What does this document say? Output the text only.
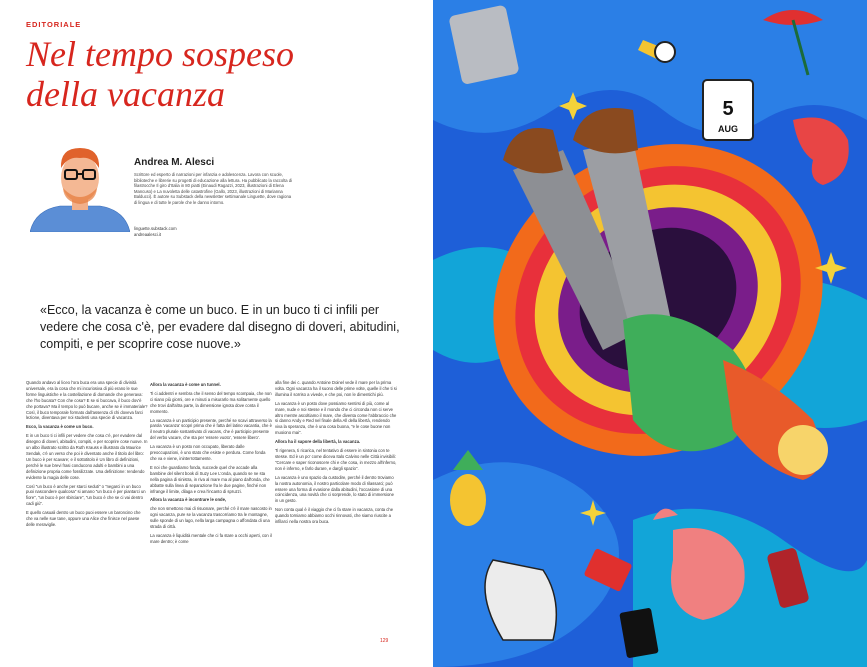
EDITORIALE
Nel tempo sospeso
della vacanza
Andrea M. Alesci
Scrittore ed esperto di narrazioni per infanzia e adolescenza. Lavora con scuole, biblioteche e librerie su progetti di educazione alla lettura. Ha pubblicato la raccolta di filastrocche Il giro d'Italia in 80 piatti (Einaudi Ragazzi, 2023, illustrazioni di Elena Mancuso) e La nuvoletta delle catastrofine (Gallo, 2023, illustrazioni di Marianna Balducci). È autore su Substack della newsletter settimanale Linguette, dove ragiona di lingua e di tutte le parole che le danno intorno.
linguette.substack.com
andreaalesci.it
«Ecco, la vacanza è come un buco. E in un buco ti ci infili per vedere che cosa c'è, per evadere dal disegno di doveri, abitudini, compiti, e per scoprire cose nuove.»

Quando andavo al liceo l'ora buca era una specie di divinità universale, era la cosa che mi incuriosiva di più erano le sue forme linguistiche e la costellazione di domande che generava: che l'ho bucata? Con che cosa? E se si buccava, il buco dov'è che portava? Ma il tempo lo può bucare, anche se è immateriale? Così, il buco temporale formato dall'assenza di chi doveva farci lezione, diventava per noi studenti una specie di vacanza.

Ecco, la vacanza è come un buco.

E in un buco ti ci infili per vedere che cosa c'è, per evadere dal disegno di doveri, abitudini, compiti, e per scoprire cose nuove. In un albo illustrato scritto da Ruth Krauss e illustrato da Maurice Sendak, c'è un verso che poi è diventato anche il titolo del libro: Un buco è per scavare; e il sottotitolo è Un libro di definizioni, perché le sue brevi frasi conducono adulti e bambini a una definizione propria come fossilizzate. Una definizione: rendendo evidente la magia delle cose.

Così "un buco è anche per starci seduti" o "negarci in un buco puoi nascondere qualcosa" si amano "un buco è per piantarci un fiore", "un buco è per sbirciare", "un buco è che se ci vai dentro cadi giù".

E quello casuali dentro un buco puoi essere un baroncino che che va nelle sue tane, oppure una Alice che finisce nel paese delle meraviglie.

Allora la vacanza è come un tunnel.

Ti ci addentri e sembra che il senso del tempo scompaia, che non ci siano più giorni, ore e minuti a misurarlo ma solitamente quello che trovi dall'altra parte, la dimensione ignota dove conta il momento.

La vacanza è un participio presente, perché se scavi attraverso la parola 'vacanza' scopri prima che è fatta del latino vacantia, che è il neutro plurale sostantivato di vacans, che è participio presente del verbo vacare, che sta per 'essere vuoto', 'essere libero'.

La vacanza è un posto non occupato, liberato dalle preoccupazioni, è uno stato che esiste e perdura. Come fonda che va e viene, ininterrottamente.

E noi che guardiamo fonda, succede quel che accade alla bambine del silent book di Suzy Lee L'onda, quando se ne sta nella pagina di sinistra, in riva al mare ma al piano dall'onda, che abbatte sulla linea di separazione fra le due pagine, finché non infrange il limite, dilaga e crea l'incanto di spruzzi.

Allora la vacanza è incontrare le onde,

che non smettono mai di risuonare, perché c'è il mare nascosto in ogni vacanza, pure se la vacanza trascorriamo tra le montagne, sulle sponde di un lago, nella larga campagna o affondata di una strada di città.

La vacanza è liquidità mentale che ci fa stare a occhi aperti, con il mare dentro; è come

alla fine dei c. quando Antoine Doinel vede il mare per la prima volta. Ogni vacanza ha il suono delle prime volte, quelle il che ti si illumina il sorriso a vivede, e che poi, non le dimentichi più.

La vacanza è un posto dove possiamo sentirsi di più, come al mare, nude e noi stesse e il mondo che ci circonda non ci serve altro mentre ascoltiamo il mare, che diventa come l'abbraccio che si danno Andy e Red nel finale della All della libertà, rendendo viva la speranza, che è una cosa buona, "e le cose buone non muoiono mai".

Allora ha il sapore della libertà, la vacanza.

Ti rigenera, ti ricarica, nel tentativo di essere in sintonia con te stesse. Ed è un po' come diceva Italo Calvino nelle Città invisibili: "Cercare e saper riconoscere chi e che cosa, in mezzo all'inferno, non è inferno, e farlo durare, e dargli spazio".

La vacanza è uno spazio da custodire, perché il dentro troviamo la nostra autonomia, il nostro particolare modo di rilassarci; può essere una forma di evasione dalla abitudini, l'occasione di una coincidenza, una novità che ci sorprende, lo stato di immersione in un gesto.

Non conta qual è il viaggio che ci fa stare in vacanza, conta che quando torniamo abbiamo occhi rinnovati, che siamo riuscite a infilarci nella nostra ora buca.

129
5
AUG
